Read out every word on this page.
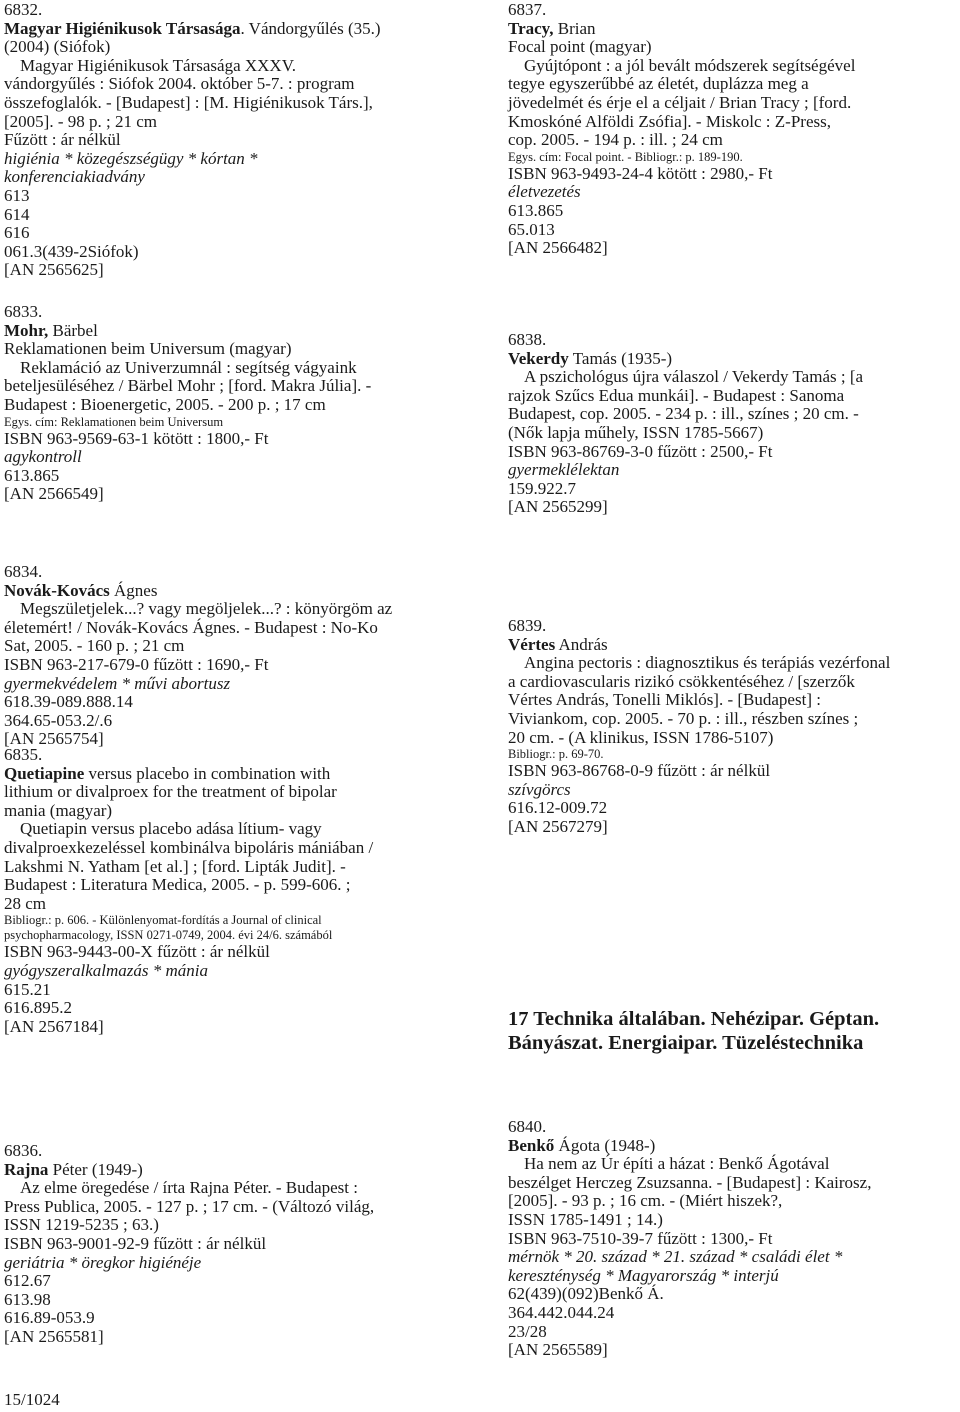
6832.
Magyar Higiénikusok Társasága. Vándorgyűlés (35.)
(2004) (Siófok)
Magyar Higiénikusok Társasága XXXV.
vándorgyűlés : Siófok 2004. október 5-7. : program
összefoglalók. - [Budapest] : [M. Higiénikusok Társ.],
[2005]. - 98 p. ; 21 cm
Fűzött : ár nélkül
higiénia * közegészségügy * kórtan *
konferenciakiadvány
613
614
616
061.3(439-2Siófok)
[AN 2565625]
6833.
Mohr, Bärbel
Reklamationen beim Universum (magyar)
Reklamáció az Univerzumnál : segítség vágyaink
beteljesüléséhez / Bärbel Mohr ; [ford. Makra Júlia]. -
Budapest : Bioenergetic, 2005. - 200 p. ; 17 cm
Egys. cím: Reklamationen beim Universum
ISBN 963-9569-63-1 kötött : 1800,- Ft
agykontroll
613.865
[AN 2566549]
6834.
Novák-Kovács Ágnes
Megszületjelek...? vagy megöljelek...? : könyörgöm az
életemért! / Novák-Kovács Ágnes. - Budapest : No-Ko
Sat, 2005. - 160 p. ; 21 cm
ISBN 963-217-679-0 fűzött : 1690,- Ft
gyermekvédelem * művi abortusz
618.39-089.888.14
364.65-053.2/.6
[AN 2565754]
6835.
Quetiapine versus placebo in combination with
lithium or divalproex for the treatment of bipolar
mania (magyar)
Quetiapin versus placebo adása lítium- vagy
divalproexkezeléssel kombinálva bipoláris mániában /
Lakshmi N. Yatham [et al.] ; [ford. Lipták Judit]. -
Budapest : Literatura Medica, 2005. - p. 599-606. ;
28 cm
Bibliogr.: p. 606. - Különlenyomat-fordítás a Journal of clinical
psychopharmacology, ISSN 0271-0749, 2004. évi 24/6. számából
ISBN 963-9443-00-X fűzött : ár nélkül
gyógyszeralkalmazás * mánia
615.21
616.895.2
[AN 2567184]
6836.
Rajna Péter (1949-)
Az elme öregedése / írta Rajna Péter. - Budapest :
Press Publica, 2005. - 127 p. ; 17 cm. - (Változó világ,
ISSN 1219-5235 ; 63.)
ISBN 963-9001-92-9 fűzött : ár nélkül
geriátria * öregkor higiénéje
612.67
613.98
616.89-053.9
[AN 2565581]
6837.
Tracy, Brian
Focal point (magyar)
Gyújtópont : a jól bevált módszerek segítségével
tegye egyszerűbbé az életét, duplázza meg a
jövedelmét és érje el a céljait / Brian Tracy ; [ford.
Kmoskóné Alföldi Zsófia]. - Miskolc : Z-Press,
cop. 2005. - 194 p. : ill. ; 24 cm
Egys. cím: Focal point. - Bibliogr.: p. 189-190.
ISBN 963-9493-24-4 kötött : 2980,- Ft
életvezetés
613.865
65.013
[AN 2566482]
6838.
Vekerdy Tamás (1935-)
A pszichológus újra válaszol / Vekerdy Tamás ; [a
rajzok Szűcs Edua munkái]. - Budapest : Sanoma
Budapest, cop. 2005. - 234 p. : ill., színes ; 20 cm. -
(Nők lapja műhely, ISSN 1785-5667)
ISBN 963-86769-3-0 fűzött : 2500,- Ft
gyermeklélektan
159.922.7
[AN 2565299]
6839.
Vértes András
Angina pectoris : diagnosztikus és terápiás vezérfonal
a cardiovascularis rizikó csökkentéséhez / [szerzők
Vértes András, Tonelli Miklós]. - [Budapest] :
Viviankom, cop. 2005. - 70 p. : ill., részben színes ;
20 cm. - (A klinikus, ISSN 1786-5107)
Bibliogr.: p. 69-70.
ISBN 963-86768-0-9 fűzött : ár nélkül
szívgörcs
616.12-009.72
[AN 2567279]
6840.
Benkő Ágota (1948-)
Ha nem az Úr építi a házat : Benkő Ágotával
beszélget Herczeg Zsuzsanna. - [Budapest] : Kairosz,
[2005]. - 93 p. ; 16 cm. - (Miért hiszek?,
ISSN 1785-1491 ; 14.)
ISBN 963-7510-39-7 fűzött : 1300,- Ft
mérnök * 20. század * 21. század * családi élet *
kereszténység * Magyarország * interjú
62(439)(092)Benkő Á.
364.442.044.24
23/28
[AN 2565589]
17 Technika általában. Nehézipar. Géptan.
Bányászat. Energiaipar. Tüzeléstechnika
15/1024
